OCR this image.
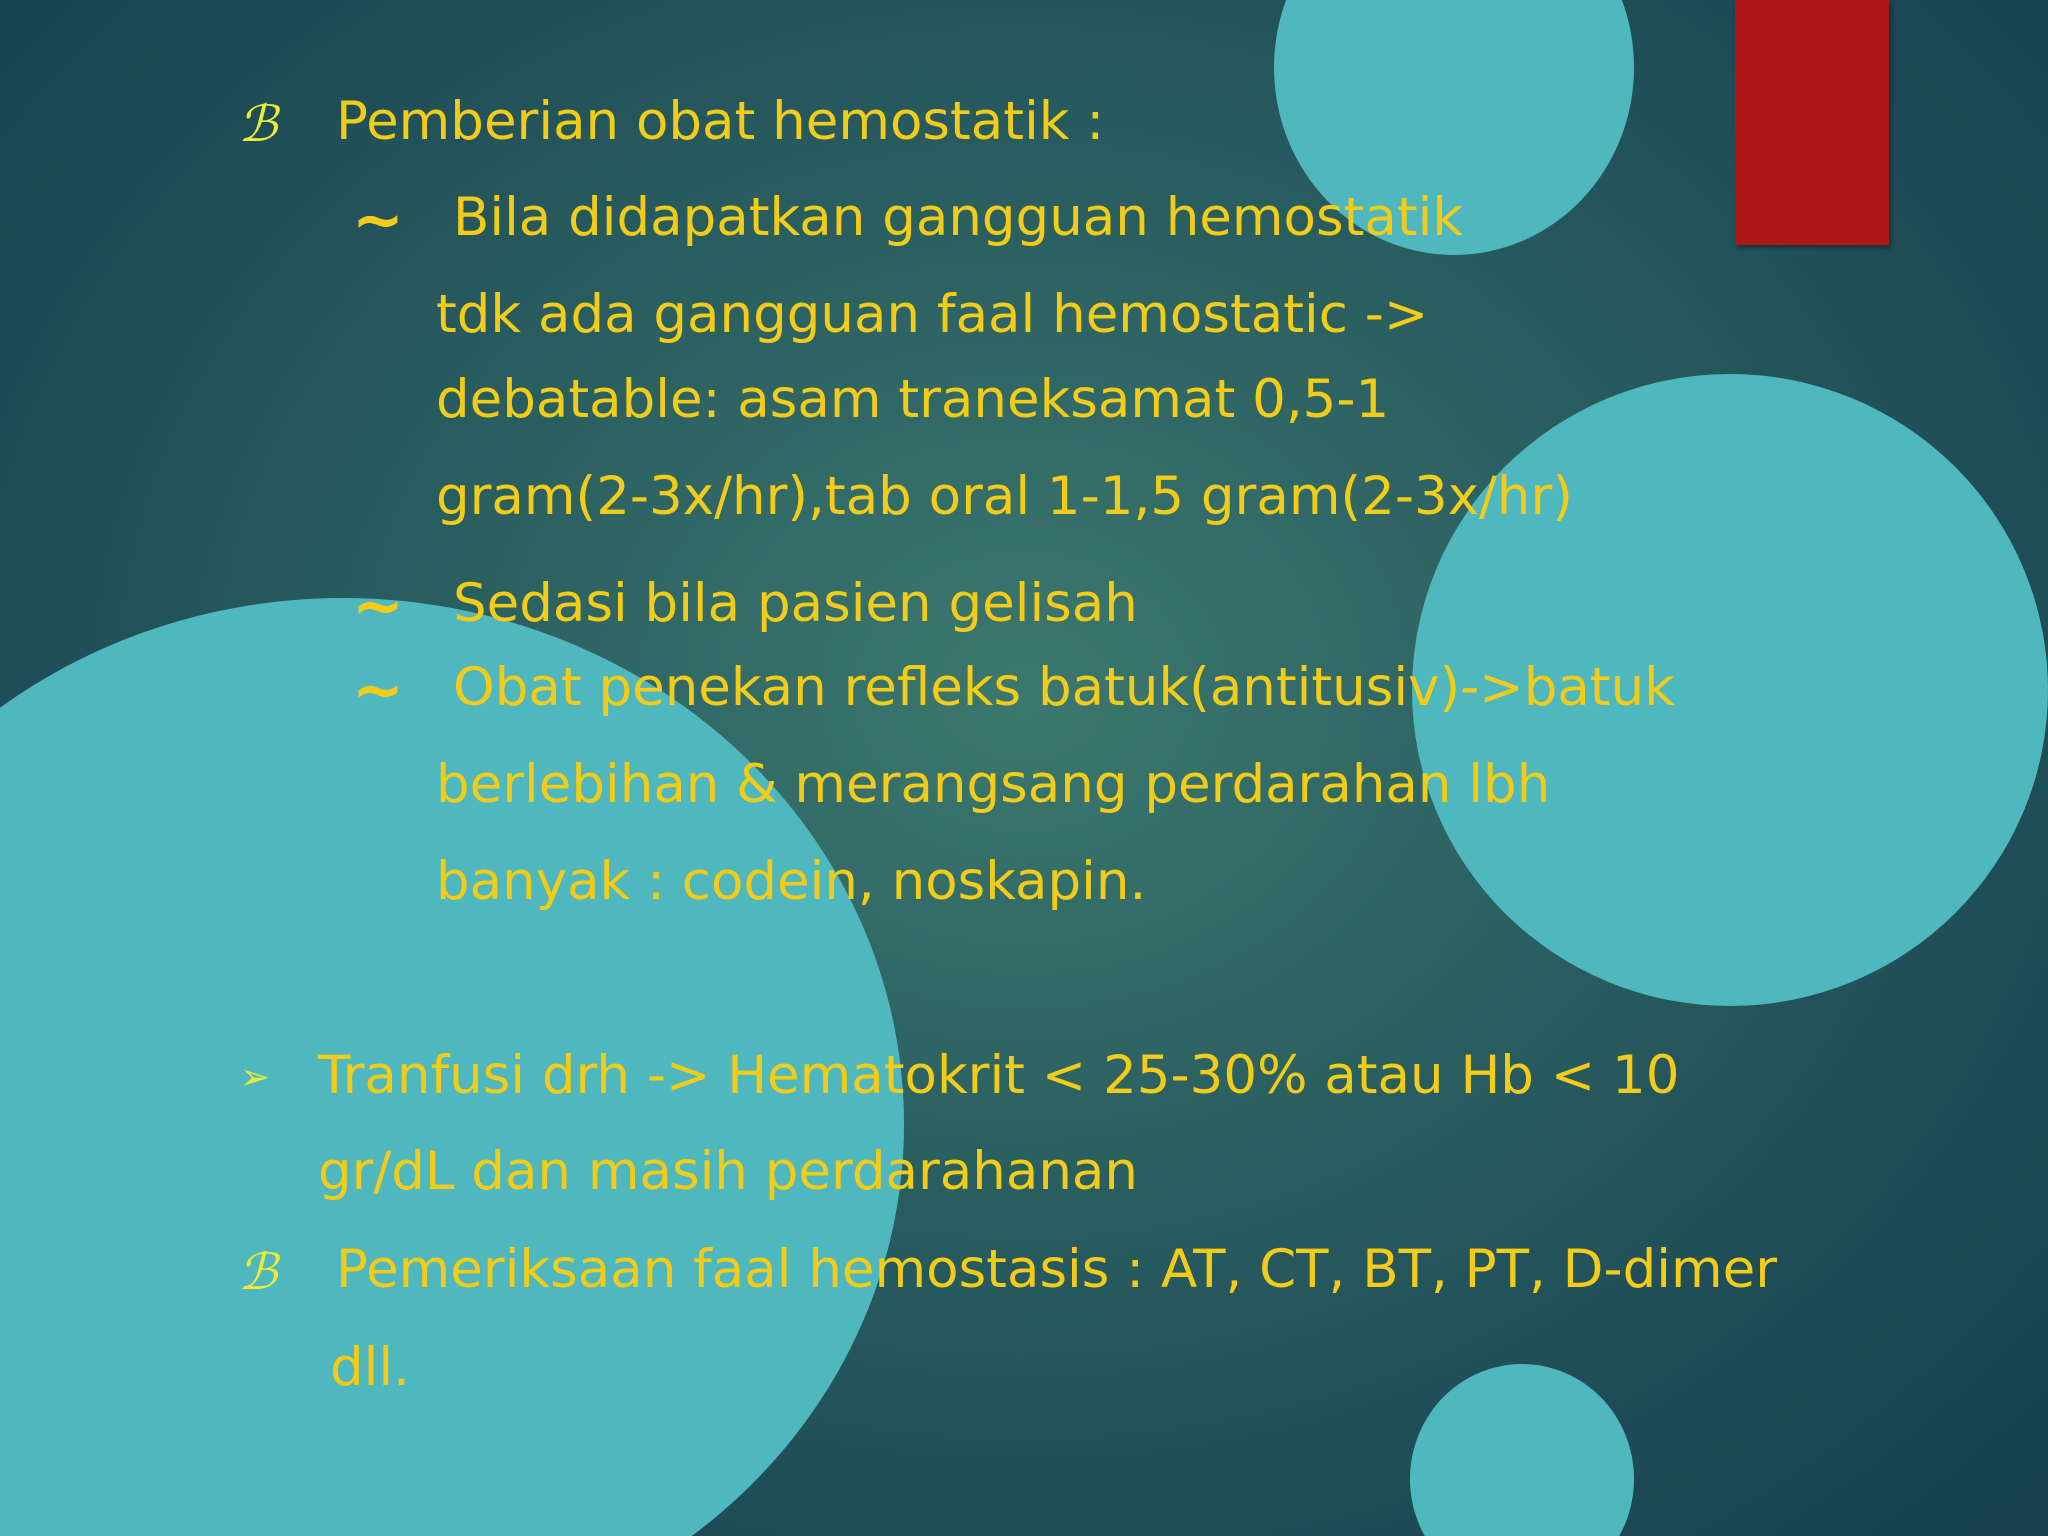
ℬ Pemberian obat hemostatik :
~ Bila didapatkan gangguan hemostatik
tdk ada gangguan faal hemostatic ->
debatable: asam traneksamat 0,5-1
gram(2-3x/hr),tab oral 1-1,5 gram(2-3x/hr)
~ Sedasi bila pasien gelisah
~ Obat penekan refleks batuk(antitusiv)->batuk
berlebihan & merangsang perdarahan lbh
banyak : codein, noskapin.
➢ Tranfusi drh -> Hematokrit < 25-30% atau Hb < 10
gr/dL dan masih perdarahanan
ℬ Pemeriksaan faal hemostasis : AT, CT, BT, PT, D-dimer
dll.
